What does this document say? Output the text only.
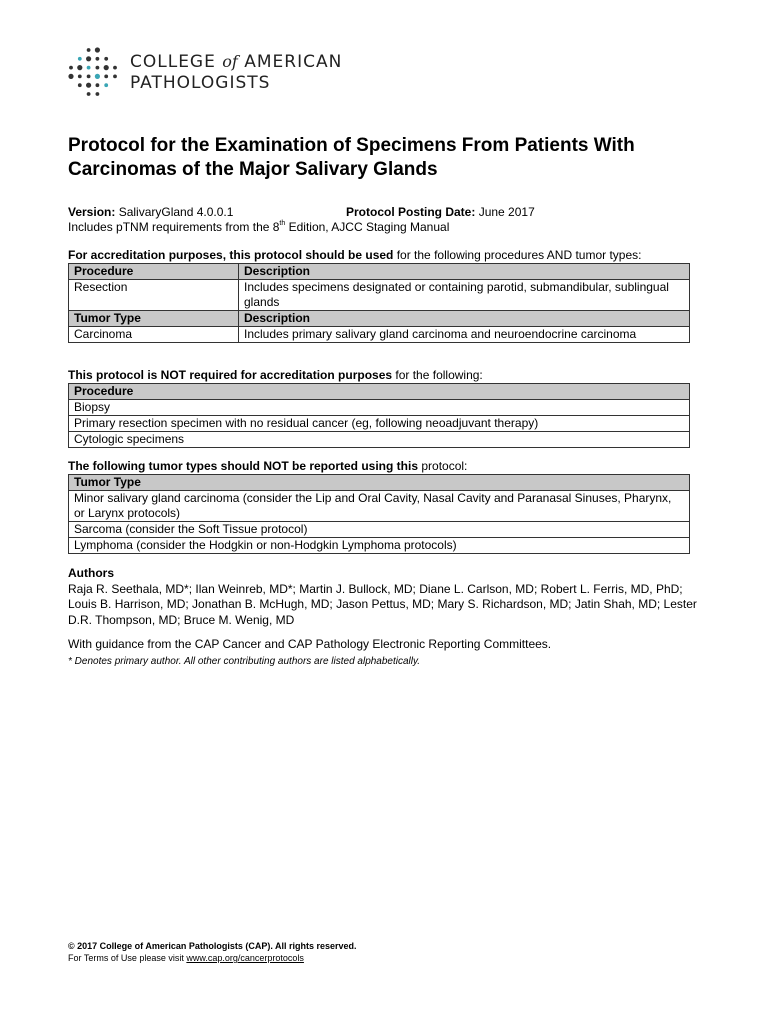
COLLEGE of AMERICAN
PATHOLOGISTS
Protocol for the Examination of Specimens From Patients With Carcinomas of the Major Salivary Glands
Version: SalivaryGland 4.0.0.1	Protocol Posting Date: June 2017
Includes pTNM requirements from the 8th Edition, AJCC Staging Manual
For accreditation purposes, this protocol should be used for the following procedures AND tumor types:
Procedure	Description
Resection	Includes specimens designated or containing parotid, submandibular, sublingual glands
Tumor Type	Description
Carcinoma	Includes primary salivary gland carcinoma and neuroendocrine carcinoma
This protocol is NOT required for accreditation purposes for the following:
Procedure
Biopsy
Primary resection specimen with no residual cancer (eg, following neoadjuvant therapy)
Cytologic specimens
The following tumor types should NOT be reported using this protocol:
Tumor Type
Minor salivary gland carcinoma (consider the Lip and Oral Cavity, Nasal Cavity and Paranasal Sinuses, Pharynx, or Larynx protocols)
Sarcoma (consider the Soft Tissue protocol)
Lymphoma (consider the Hodgkin or non-Hodgkin Lymphoma protocols)
Authors
Raja R. Seethala, MD*; Ilan Weinreb, MD*; Martin J. Bullock, MD; Diane L. Carlson, MD; Robert L. Ferris, MD, PhD; Louis B. Harrison, MD; Jonathan B. McHugh, MD; Jason Pettus, MD; Mary S. Richardson, MD; Jatin Shah, MD; Lester D.R. Thompson, MD; Bruce M. Wenig, MD
With guidance from the CAP Cancer and CAP Pathology Electronic Reporting Committees.
* Denotes primary author. All other contributing authors are listed alphabetically.
© 2017 College of American Pathologists (CAP). All rights reserved.
For Terms of Use please visit www.cap.org/cancerprotocols
